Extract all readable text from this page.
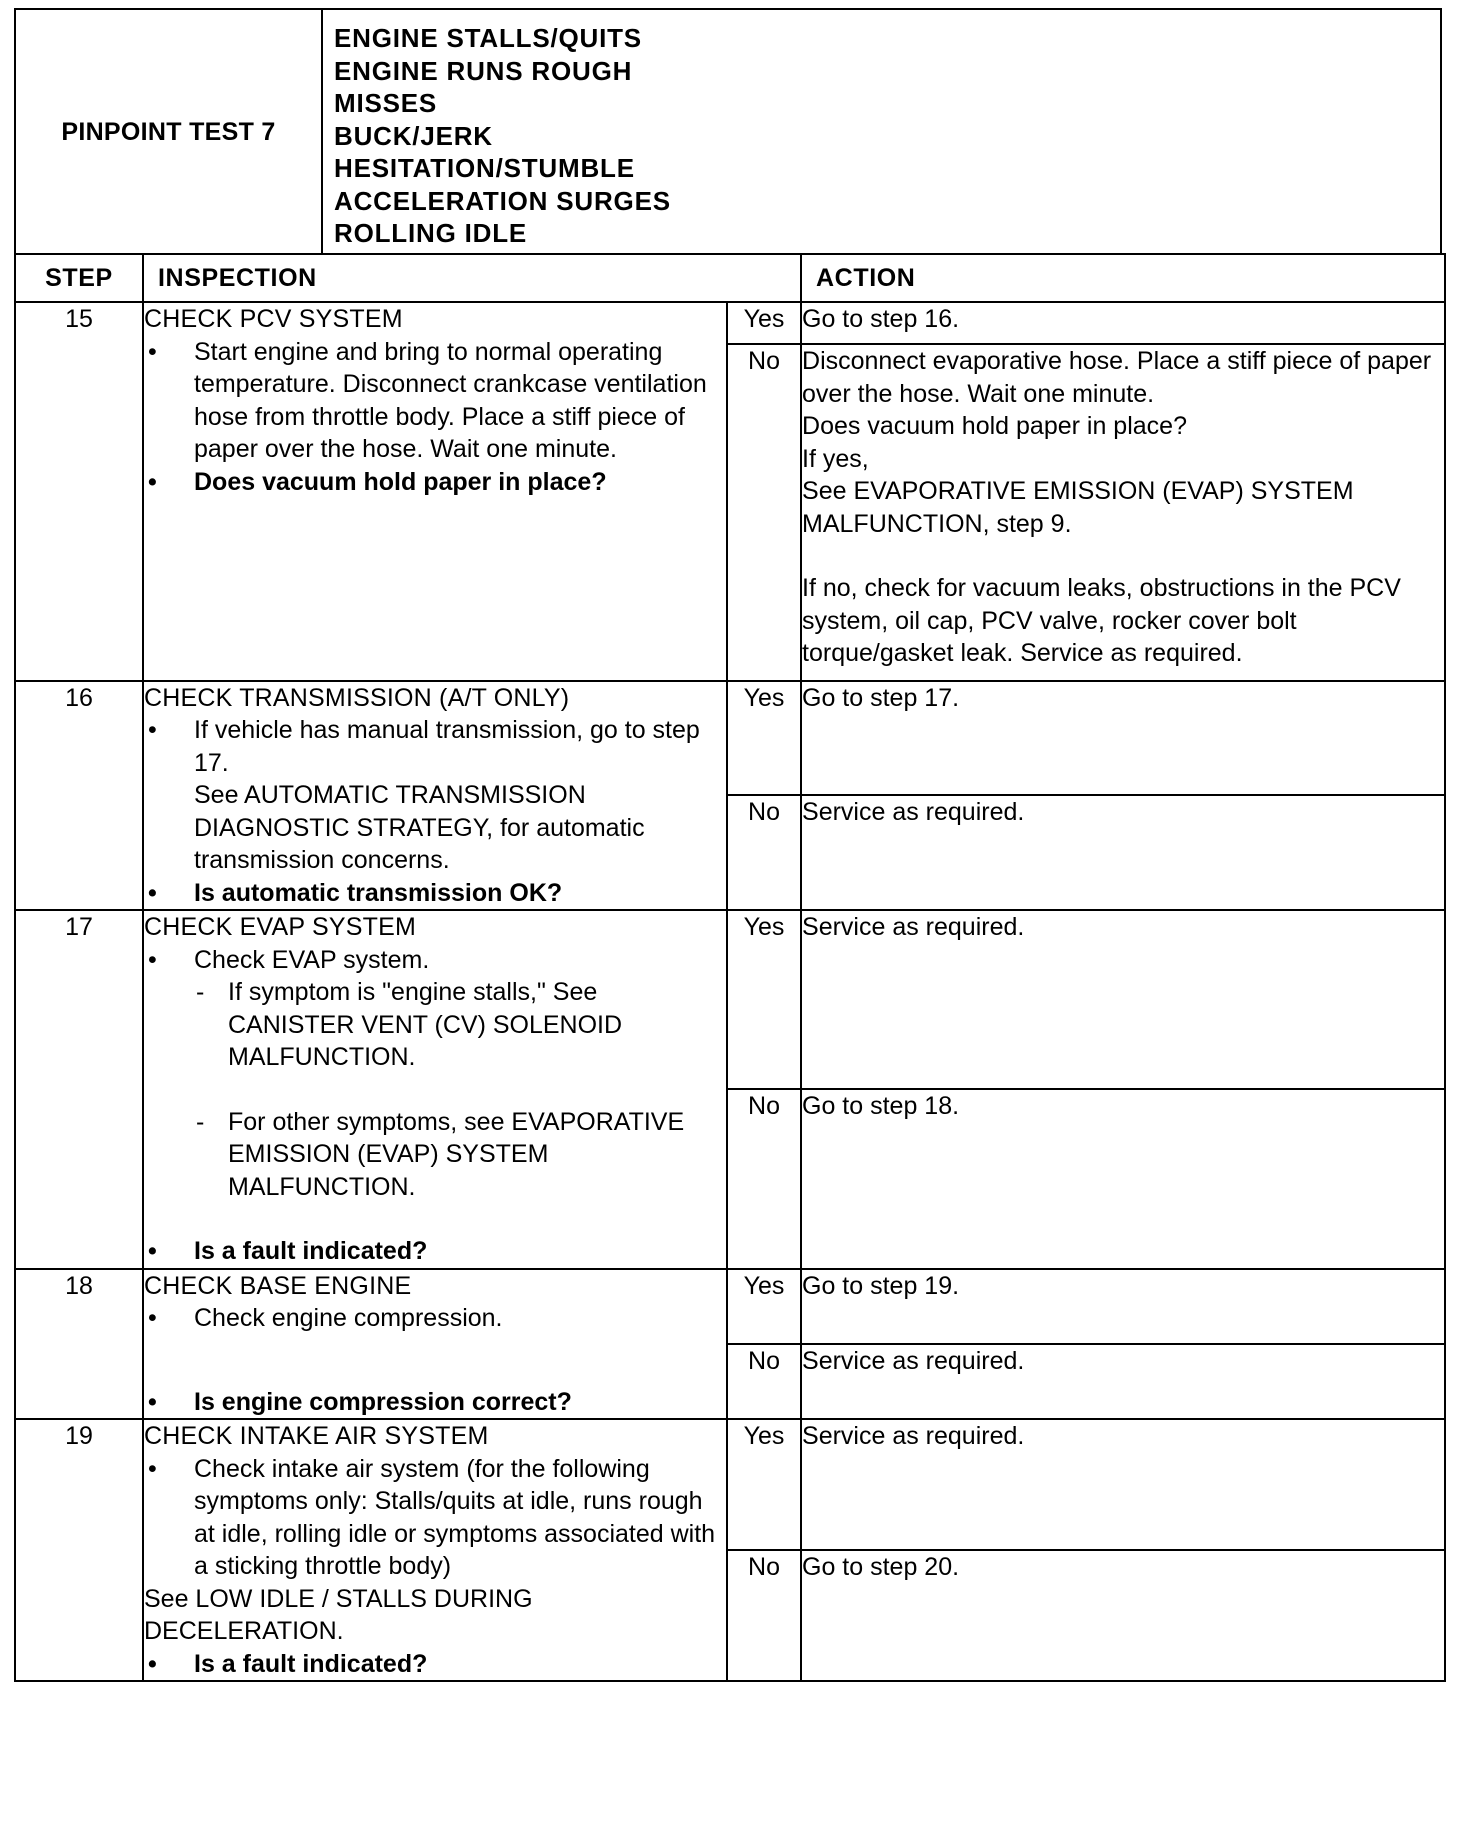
PINPOINT TEST 7
ENGINE STALLS/QUITS
ENGINE RUNS ROUGH
MISSES
BUCK/JERK
HESITATION/STUMBLE
ACCELERATION SURGES
ROLLING IDLE
STEP	INSPECTION		ACTION
15	CHECK PCV SYSTEM
• Start engine and bring to normal operating temperature. Disconnect crankcase ventilation hose from throttle body. Place a stiff piece of paper over the hose. Wait one minute.
• Does vacuum hold paper in place?	Yes	Go to step 16.
		No	Disconnect evaporative hose. Place a stiff piece of paper over the hose. Wait one minute.
Does vacuum hold paper in place?
If yes,
See EVAPORATIVE EMISSION (EVAP) SYSTEM MALFUNCTION, step 9.
If no, check for vacuum leaks, obstructions in the PCV system, oil cap, PCV valve, rocker cover bolt torque/gasket leak. Service as required.

16	CHECK TRANSMISSION (A/T ONLY)
• If vehicle has manual transmission, go to step 17.
See AUTOMATIC TRANSMISSION DIAGNOSTIC STRATEGY, for automatic transmission concerns.
• Is automatic transmission OK?	Yes	Go to step 17.
		No	Service as required.
17	CHECK EVAP SYSTEM
• Check EVAP system.
- If symptom is "engine stalls," See CANISTER VENT (CV) SOLENOID MALFUNCTION.
- For other symptoms, see EVAPORATIVE EMISSION (EVAP) SYSTEM MALFUNCTION.
• Is a fault indicated?	Yes	Service as required.
		No	Go to step 18.
18	CHECK BASE ENGINE
• Check engine compression.
• Is engine compression correct?	Yes	Go to step 19.
		No	Service as required.
19	CHECK INTAKE AIR SYSTEM
• Check intake air system (for the following symptoms only: Stalls/quits at idle, runs rough at idle, rolling idle or symptoms associated with a sticking throttle body)
See LOW IDLE / STALLS DURING DECELERATION.
• Is a fault indicated?	Yes	Service as required.
		No	Go to step 20.
